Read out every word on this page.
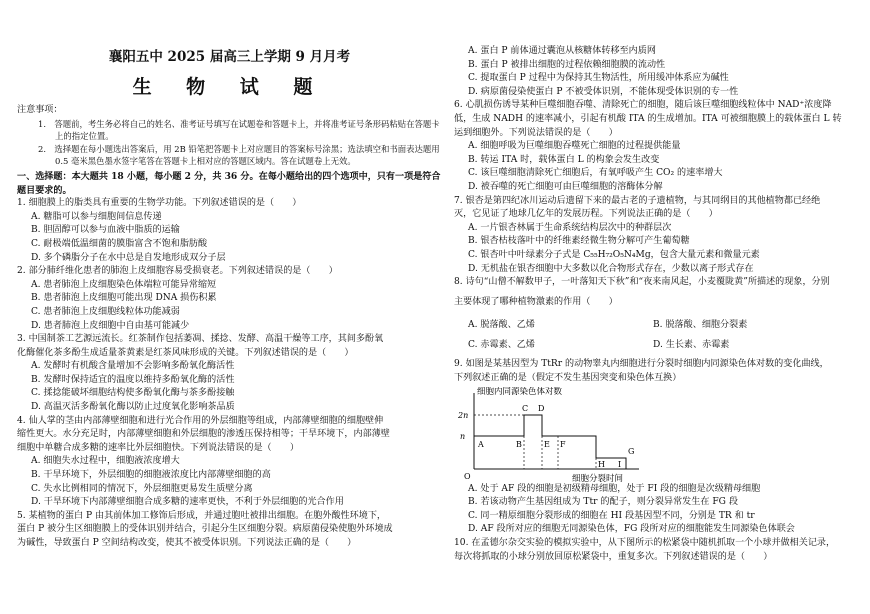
襄阳五中 2025 届高三上学期 9 月月考
生 物 试 题
注意事项：
1.　答题前，考生务必将自己的姓名、准考证号填写在试题卷和答题卡上，并将准考证号条形码粘贴在答题卡上的指定位置。
2.　选择题在每小题选出答案后，用 2B 铅笔把答题卡上对应题目的答案标号涂黑；选法填空和书面表达题用 0.5 毫米黑色墨水签字笔答在答题卡上相对应的答题区域内。答在试题卷上无效。
一、选择题：本大题共 18 小题，每小题 2 分，共 36 分。在每小题给出的四个选项中，只有一项是符合题目要求的。
1. 细胞膜上的脂类具有重要的生物学功能。下列叙述错误的是（　　）
A. 糖脂可以参与细胞间信息传递
B. 胆固醇可以参与血液中脂质的运输
C. 耐极端低温细菌的膜脂富含不饱和脂肪酸
D. 多个磷脂分子在水中总是自发地形成双分子层
2. 部分肺纤维化患者的肺泡上皮细胞容易受损衰老。下列叙述错误的是（　　）
A. 患者肺泡上皮细胞染色体端粒可能异常缩短
B. 患者肺泡上皮细胞可能出现 DNA 损伤积累
C. 患者肺泡上皮细胞线粒体功能减弱
D. 患者肺泡上皮细胞中自由基可能减少
3. 中国制茶工艺源远流长。红茶制作包括萎凋、揉捻、发酵、高温干燥等工序，其间多酚氧
化酶催化茶多酚生成适量茶黄素是红茶风味形成的关键。下列叙述错误的是（　　）
A. 发酵时有机酸含量增加不会影响多酚氧化酶活性
B. 发酵时保持适宜的温度以维持多酚氧化酶的活性
C. 揉捻能破坏细胞结构使多酚氧化酶与茶多酚接触
D. 高温灭活多酚氧化酶以防止过度氧化影响茶品质
4. 仙人掌的茎由内部薄壁细胞和进行光合作用的外层细胞等组成，内部薄壁细胞的细胞壁伸
缩性更大。水分充足时，内部薄壁细胞和外层细胞的渗透压保持相等；干旱环境下，内部薄壁
细胞中单糖合成多糖的速率比外层细胞快。下列说法错误的是（　　）
A. 细胞失水过程中，细胞液浓度增大
B. 干旱环境下，外层细胞的细胞液浓度比内部薄壁细胞的高
C. 失水比例相同的情况下，外层细胞更易发生质壁分离
D. 干旱环境下内部薄壁细胞合成多糖的速率更快，不利于外层细胞的光合作用
5. 某植物的蛋白 P 由其前体加工修饰后形成，并通过胞吐被排出细胞。在胞外酸性环境下，
蛋白 P 被分生区细胞膜上的受体识别并结合，引起分生区细胞分裂。病原菌侵染使胞外环境成
为碱性，导致蛋白 P 空间结构改变，使其不被受体识别。下列说法正确的是（　　）
A. 蛋白 P 前体通过囊泡从核糖体转移至内质网
B. 蛋白 P 被排出细胞的过程依赖细胞膜的流动性
C. 提取蛋白 P 过程中为保持其生物活性，所用缓冲体系应为碱性
D. 病原菌侵染使蛋白 P 不被受体识别，不能体现受体识别的专一性
6. 心肌损伤诱导某种巨噬细胞吞噬、清除死亡的细胞，随后该巨噬细胞线粒体中 NAD⁺浓度降
低，生成 NADH 的速率减小，引起有机酸 ITA 的生成增加。ITA 可被细胞膜上的载体蛋白 L 转
运到细胞外。下列说法错误的是（　　）
A. 细胞呼吸为巨噬细胞吞噬死亡细胞的过程提供能量
B. 转运 ITA 时，载体蛋白 L 的构象会发生改变
C. 该巨噬细胞清除死亡细胞后，有氧呼吸产生 CO₂ 的速率增大
D. 被吞噬的死亡细胞可由巨噬细胞的溶酶体分解
7. 银杏是第四纪冰川运动后遗留下来的最古老的子遗植物，与其同纲目的其他植物都已经绝
灭，它见证了地球几亿年的发展历程。下列说法正确的是（　　）
A. 一片银杏林属于生命系统结构层次中的种群层次
B. 银杏枯枝落叶中的纤维素经微生物分解可产生葡萄糖
C. 银杏叶中叶绿素分子式是 C₅₅H₇₂O₅N₄Mg，包含大量元素和微量元素
D. 无机盐在银杏细胞中大多数以化合物形式存在，少数以离子形式存在
8. 诗句“山僧不解数甲子，一叶落知天下秋”和“夜来南风起，小麦覆陇黄”所描述的现象，分别
主要体现了哪种植物激素的作用（　　）
A. 脱落酸、乙烯	B. 脱落酸、细胞分裂素
C. 赤霉素、乙烯	D. 生长素、赤霉素
9. 如图是某基因型为 TtRr 的动物睾丸内细胞进行分裂时细胞内同源染色体对数的变化曲线，
下列叙述正确的是（假定不发生基因突变和染色体互换）
细胞内同源染色体对数
细胞分裂时间
2n
n
O
A	B
C D
E F
G
H I
A. 处于 AF 段的细胞是初级精母细胞，处于 FI 段的细胞是次级精母细胞
B. 若该动物产生基因组成为 Ttr 的配子，则分裂异常发生在 FG 段
C. 同一精原细胞分裂形成的细胞在 HI 段基因型不同，分别是 TR 和 tr
D. AF 段所对应的细胞无同源染色体，FG 段所对应的细胞能发生同源染色体联会
10. 在孟德尔杂交实验的模拟实验中，从下图所示的松紧袋中随机抓取一个小球并做相关记录，
每次将抓取的小球分别放回原松紧袋中，重复多次。下列叙述错误的是（　　）
